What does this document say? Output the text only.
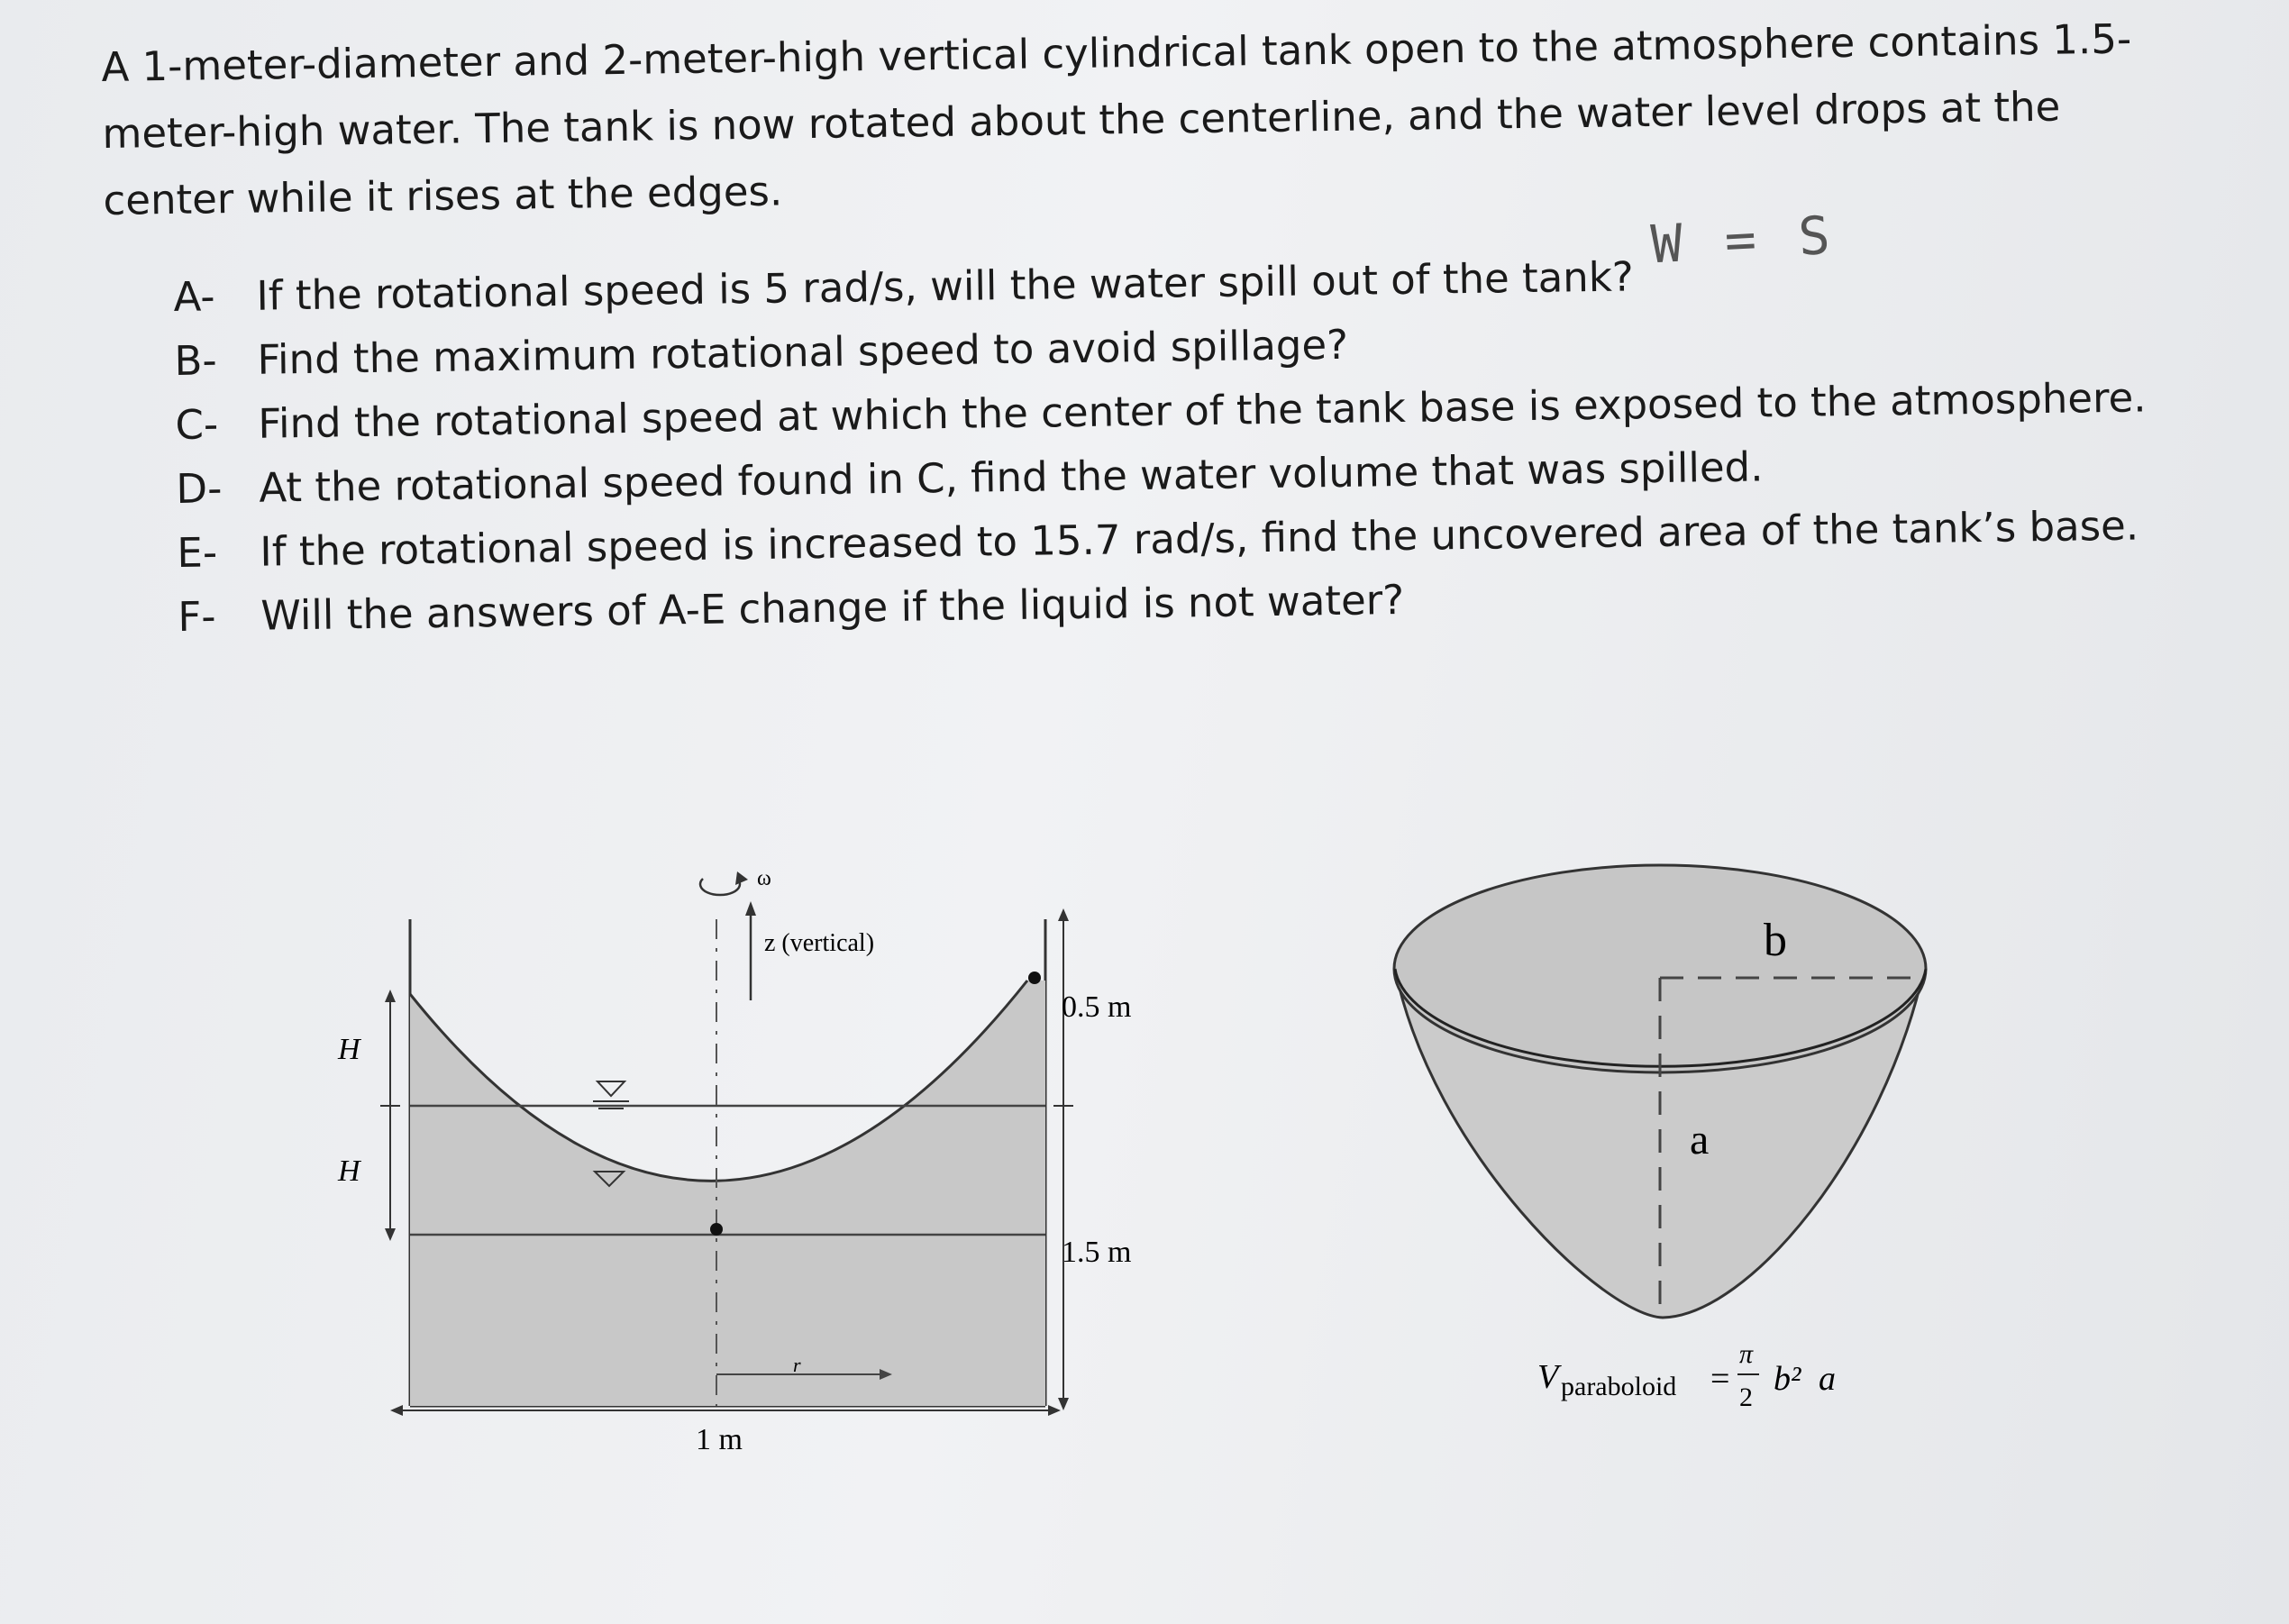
A 1-meter-diameter and 2-meter-high vertical cylindrical tank open to the atmosphere contains 1.5-
meter-high water. The tank is now rotated about the centerline, and the water level drops at the
center while it rises at the edges.
W = S
A-	If the rotational speed is 5 rad/s, will the water spill out of the tank?
B- Find the maximum rotational speed to avoid spillage?
C- Find the rotational speed at which the center of the tank base is exposed to the atmosphere.
D- At the rotational speed found in C, find the water volume that was spilled.
E-	If the rotational speed is increased to 15.7 rad/s, find the uncovered area of the tank’s base.
F-	Will the answers of A-E change if the liquid is not water?
ω
z (vertical)
H
H
0.5 m
1.5 m
r
1 m
b
a
V paraboloid =
π
2 b² a
